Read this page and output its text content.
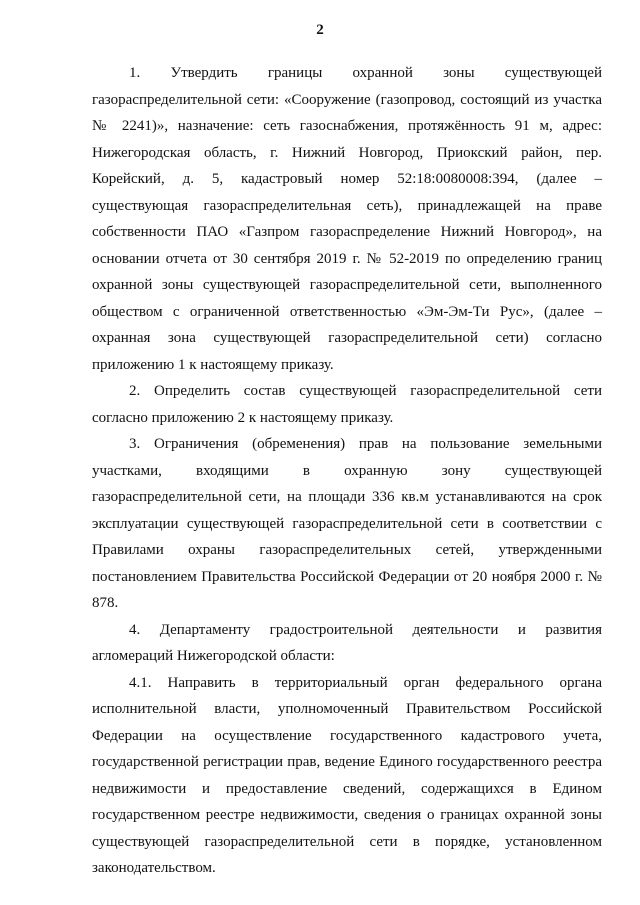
2

1. Утвердить границы охранной зоны существующей газораспределительной сети: «Сооружение (газопровод, состоящий из участка № 2241)», назначение: сеть газоснабжения, протяжённость 91 м, адрес: Нижегородская область, г. Нижний Новгород, Приокский район, пер. Корейский, д. 5, кадастровый номер 52:18:0080008:394, (далее – существующая газораспределительная сеть), принадлежащей на праве собственности ПАО «Газпром газораспределение Нижний Новгород», на основании отчета от 30 сентября 2019 г. № 52-2019 по определению границ охранной зоны существующей газораспределительной сети, выполненного обществом с ограниченной ответственностью «Эм-Эм-Ти Рус», (далее – охранная зона существующей газораспределительной сети) согласно приложению 1 к настоящему приказу.

2. Определить состав существующей газораспределительной сети согласно приложению 2 к настоящему приказу.

3. Ограничения (обременения) прав на пользование земельными участками, входящими в охранную зону существующей газораспределительной сети, на площади 336 кв.м устанавливаются на срок эксплуатации существующей газораспределительной сети в соответствии с Правилами охраны газораспределительных сетей, утвержденными постановлением Правительства Российской Федерации от 20 ноября 2000 г. № 878.

4. Департаменту градостроительной деятельности и развития агломераций Нижегородской области:

4.1. Направить в территориальный орган федерального органа исполнительной власти, уполномоченный Правительством Российской Федерации на осуществление государственного кадастрового учета, государственной регистрации прав, ведение Единого государственного реестра недвижимости и предоставление сведений, содержащихся в Едином государственном реестре недвижимости, сведения о границах охранной зоны существующей газораспределительной сети в порядке, установленном законодательством.
